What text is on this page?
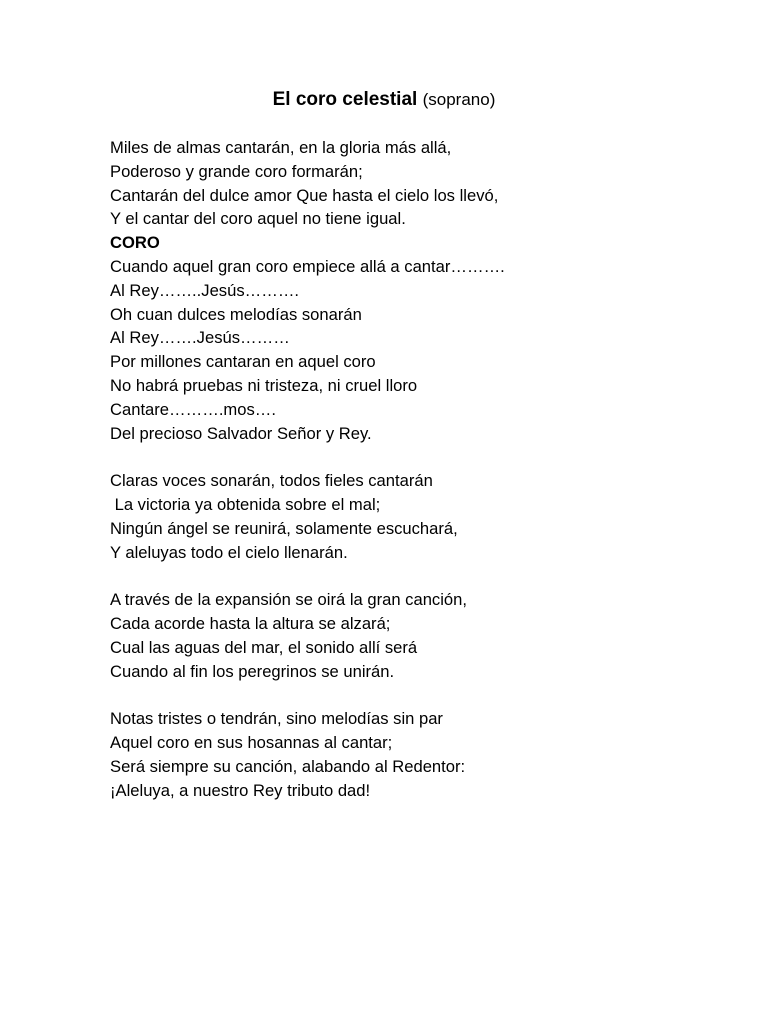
El coro celestial (soprano)
Miles de almas cantarán, en la gloria más allá,
Poderoso y grande coro formarán;
Cantarán del dulce amor Que hasta el cielo los llevó,
Y el cantar del coro aquel no tiene igual.
CORO
Cuando aquel gran coro empiece allá a cantar……….
Al Rey……..Jesús……….
Oh cuan dulces melodías sonarán
Al Rey…….Jesús………
Por millones cantaran en aquel coro
No habrá pruebas ni tristeza, ni cruel lloro
Cantare……….mos….
Del precioso Salvador Señor y Rey.
Claras voces sonarán, todos fieles cantarán
La victoria ya obtenida sobre el mal;
Ningún ángel se reunirá, solamente escuchará,
Y aleluyas todo el cielo llenarán.
A través de la expansión se oirá la gran canción,
Cada acorde hasta la altura se alzará;
Cual las aguas del mar, el sonido allí será
Cuando al fin los peregrinos se unirán.
Notas tristes o tendrán, sino melodías sin par
Aquel coro en sus hosannas al cantar;
Será siempre su canción, alabando al Redentor:
¡Aleluya, a nuestro Rey tributo dad!
